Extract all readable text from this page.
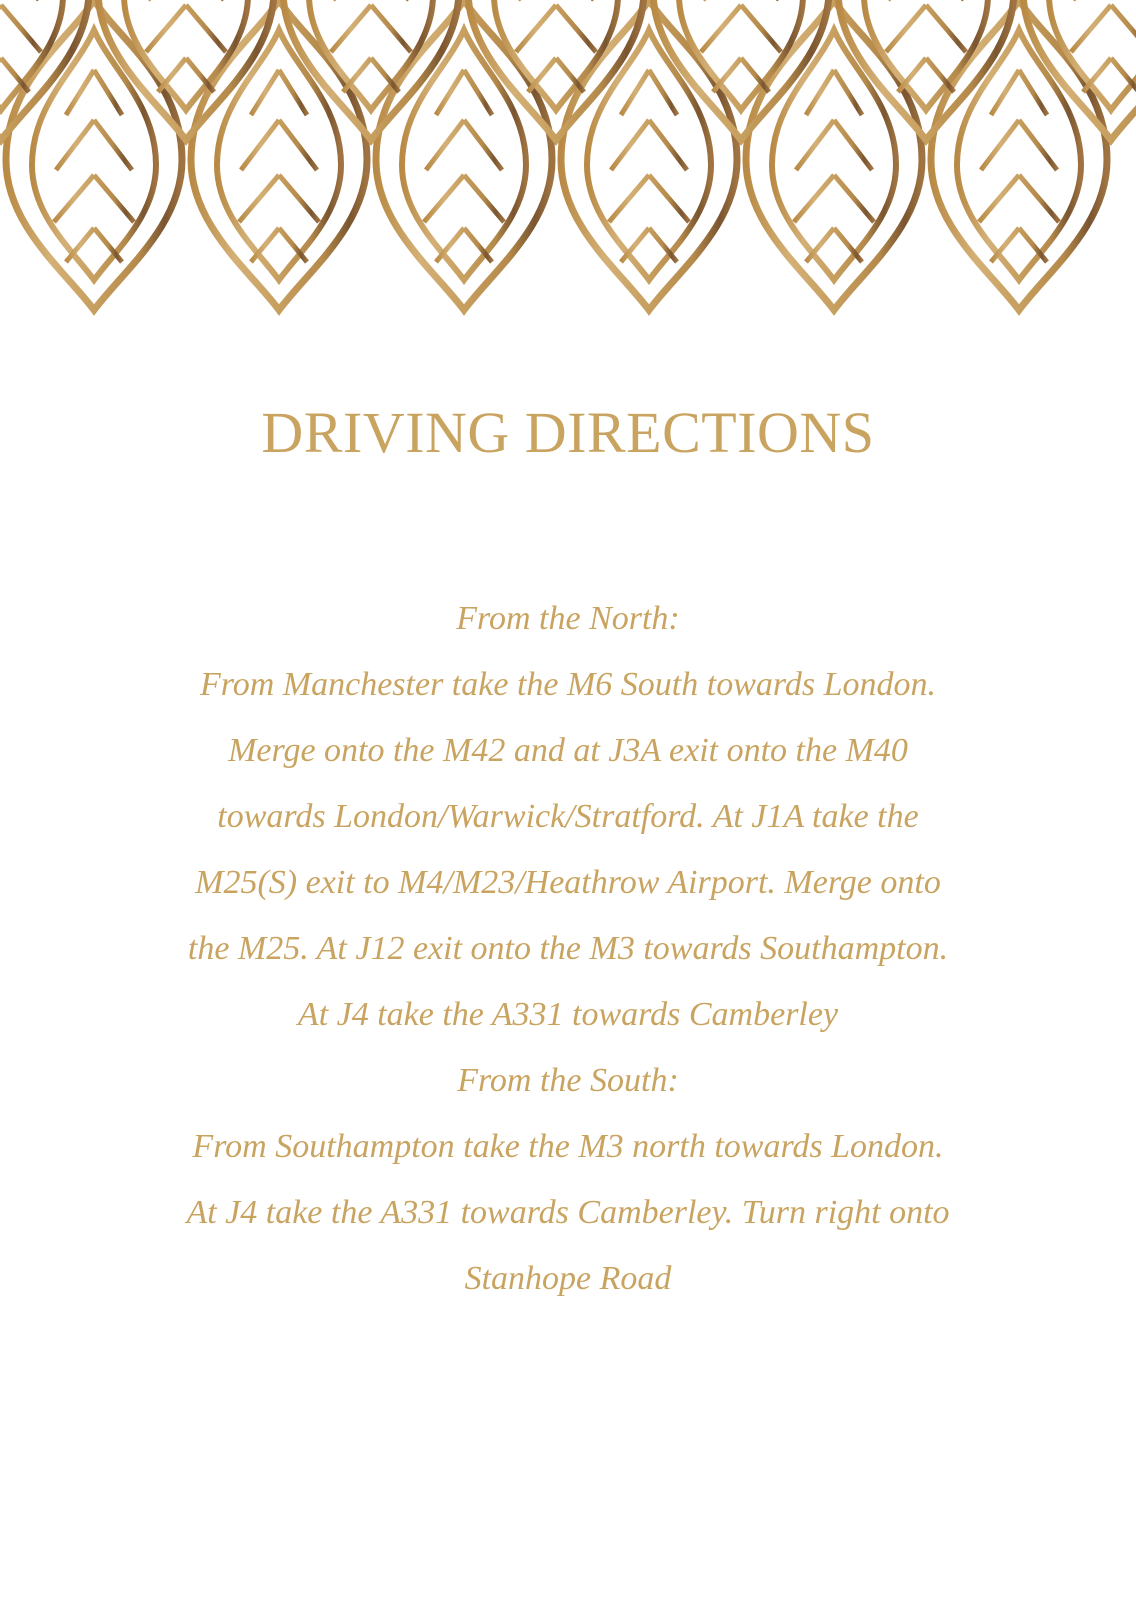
DRIVING DIRECTIONS
From the North:
From Manchester take the M6 South towards London.
Merge onto the M42 and at J3A exit onto the M40
towards London/Warwick/Stratford. At J1A take the
M25(S) exit to M4/M23/Heathrow Airport. Merge onto
the M25. At J12 exit onto the M3 towards Southampton.
At J4 take the A331 towards Camberley
From the South:
From Southampton take the M3 north towards London.
At J4 take the A331 towards Camberley. Turn right onto
Stanhope Road
